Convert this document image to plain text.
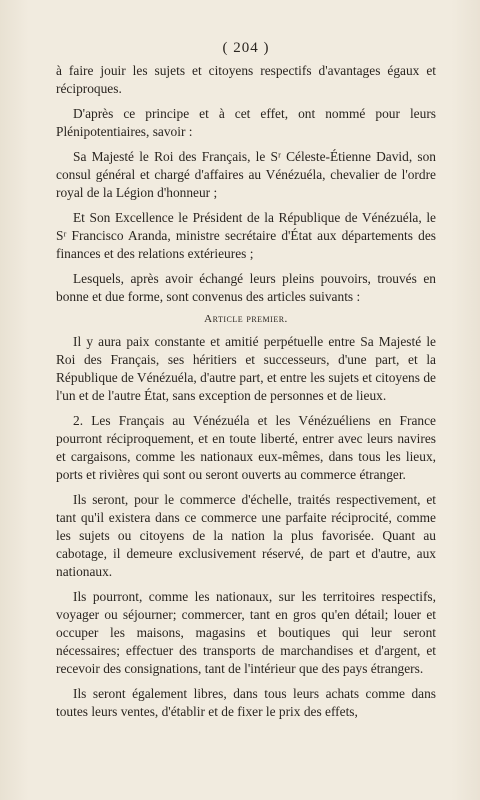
( 204 )

à faire jouir les sujets et citoyens respectifs d'avantages égaux et réciproques.

D'après ce principe et à cet effet, ont nommé pour leurs Plénipotentiaires, savoir :

Sa Majesté le Roi des Français, le Sʳ Céleste-Étienne David, son consul général et chargé d'affaires au Vénézuéla, chevalier de l'ordre royal de la Légion d'honneur ;

Et Son Excellence le Président de la République de Vénézuéla, le Sʳ Francisco Aranda, ministre secrétaire d'État aux départements des finances et des relations extérieures ;

Lesquels, après avoir échangé leurs pleins pouvoirs, trouvés en bonne et due forme, sont convenus des articles suivants :

Article premier.

Il y aura paix constante et amitié perpétuelle entre Sa Majesté le Roi des Français, ses héritiers et successeurs, d'une part, et la République de Vénézuéla, d'autre part, et entre les sujets et citoyens de l'un et de l'autre État, sans exception de personnes et de lieux.

2. Les Français au Vénézuéla et les Vénézuéliens en France pourront réciproquement, et en toute liberté, entrer avec leurs navires et cargaisons, comme les nationaux eux-mêmes, dans tous les lieux, ports et rivières qui sont ou seront ouverts au commerce étranger.

Ils seront, pour le commerce d'échelle, traités respectivement, et tant qu'il existera dans ce commerce une parfaite réciprocité, comme les sujets ou citoyens de la nation la plus favorisée. Quant au cabotage, il demeure exclusivement réservé, de part et d'autre, aux nationaux.

Ils pourront, comme les nationaux, sur les territoires respectifs, voyager ou séjourner; commercer, tant en gros qu'en détail; louer et occuper les maisons, magasins et boutiques qui leur seront nécessaires; effectuer des transports de marchandises et d'argent, et recevoir des consignations, tant de l'intérieur que des pays étrangers.

Ils seront également libres, dans tous leurs achats comme dans toutes leurs ventes, d'établir et de fixer le prix des effets,
